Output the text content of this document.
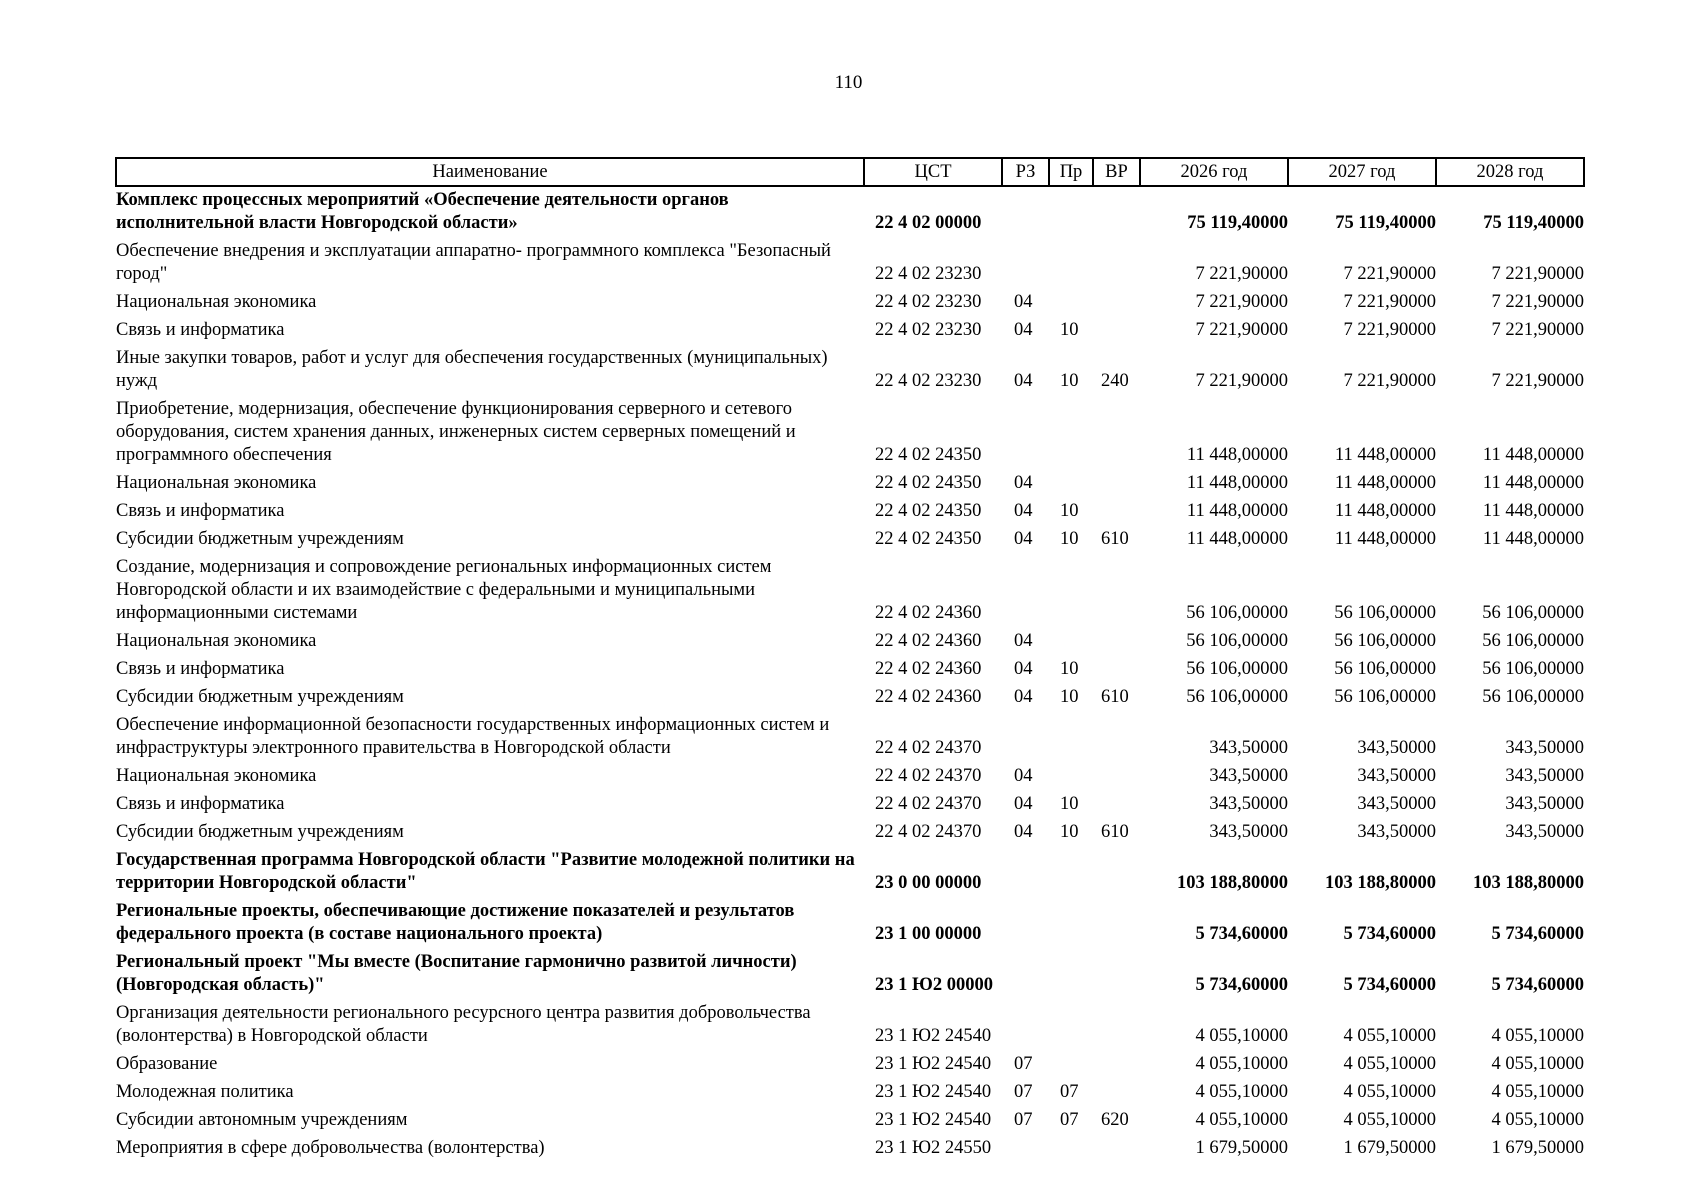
110
Наименование	ЦСТ	РЗ	Пр	ВР	2026 год	2027 год	2028 год
Комплекс процессных мероприятий «Обеспечение деятельности органов исполнительной власти Новгородской области»	22 4 02 00000				75 119,40000	75 119,40000	75 119,40000
Обеспечение внедрения и эксплуатации аппаратно- программного комплекса "Безопасный город"	22 4 02 23230				7 221,90000	7 221,90000	7 221,90000
Национальная экономика	22 4 02 23230	04			7 221,90000	7 221,90000	7 221,90000
Связь и информатика	22 4 02 23230	04	10		7 221,90000	7 221,90000	7 221,90000
Иные закупки товаров, работ и услуг для обеспечения государственных (муниципальных) нужд	22 4 02 23230	04	10	240	7 221,90000	7 221,90000	7 221,90000
Приобретение, модернизация, обеспечение функционирования серверного и сетевого оборудования, систем хранения данных, инженерных систем серверных помещений и программного обеспечения	22 4 02 24350				11 448,00000	11 448,00000	11 448,00000
Национальная экономика	22 4 02 24350	04			11 448,00000	11 448,00000	11 448,00000
Связь и информатика	22 4 02 24350	04	10		11 448,00000	11 448,00000	11 448,00000
Субсидии бюджетным учреждениям	22 4 02 24350	04	10	610	11 448,00000	11 448,00000	11 448,00000
Создание, модернизация и сопровождение региональных информационных систем Новгородской области и их взаимодействие с федеральными и муниципальными информационными системами	22 4 02 24360				56 106,00000	56 106,00000	56 106,00000
Национальная экономика	22 4 02 24360	04			56 106,00000	56 106,00000	56 106,00000
Связь и информатика	22 4 02 24360	04	10		56 106,00000	56 106,00000	56 106,00000
Субсидии бюджетным учреждениям	22 4 02 24360	04	10	610	56 106,00000	56 106,00000	56 106,00000
Обеспечение информационной безопасности государственных информационных систем и инфраструктуры электронного правительства в Новгородской области	22 4 02 24370				343,50000	343,50000	343,50000
Национальная экономика	22 4 02 24370	04			343,50000	343,50000	343,50000
Связь и информатика	22 4 02 24370	04	10		343,50000	343,50000	343,50000
Субсидии бюджетным учреждениям	22 4 02 24370	04	10	610	343,50000	343,50000	343,50000
Государственная программа Новгородской области "Развитие молодежной политики на территории Новгородской области"	23 0 00 00000				103 188,80000	103 188,80000	103 188,80000
Региональные проекты, обеспечивающие достижение показателей и результатов федерального проекта (в составе национального проекта)	23 1 00 00000				5 734,60000	5 734,60000	5 734,60000
Региональный проект "Мы вместе (Воспитание гармонично развитой личности) (Новгородская область)"	23 1 Ю2 00000				5 734,60000	5 734,60000	5 734,60000
Организация деятельности регионального ресурсного центра развития добровольчества (волонтерства) в Новгородской области	23 1 Ю2 24540				4 055,10000	4 055,10000	4 055,10000
Образование	23 1 Ю2 24540	07			4 055,10000	4 055,10000	4 055,10000
Молодежная политика	23 1 Ю2 24540	07	07		4 055,10000	4 055,10000	4 055,10000
Субсидии автономным учреждениям	23 1 Ю2 24540	07	07	620	4 055,10000	4 055,10000	4 055,10000
Мероприятия в сфере добровольчества (волонтерства)	23 1 Ю2 24550				1 679,50000	1 679,50000	1 679,50000
